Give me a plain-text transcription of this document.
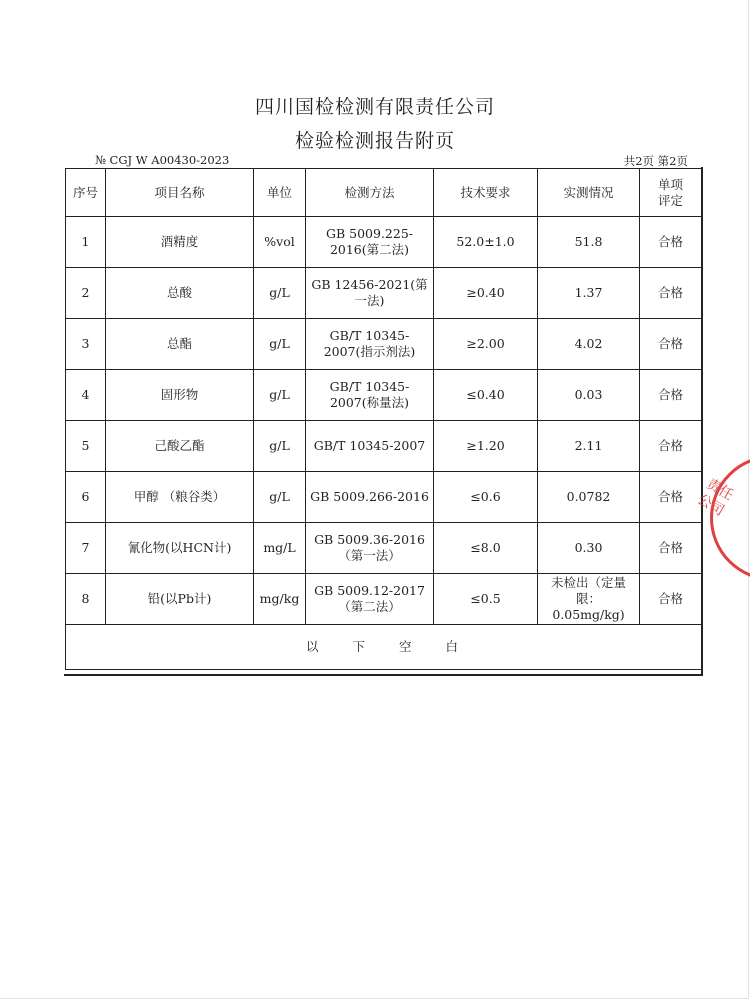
四川国检检测有限责任公司
检验检测报告附页
№ CGJ W A00430-2023	共2页 第2页
序号	项目名称	单位	检测方法	技术要求	实测情况	单项
评定
1	酒精度	%vol	GB 5009.225-2016(第二法)	52.0±1.0	51.8	合格
2	总酸	g/L	GB 12456-2021(第一法)	≥0.40	1.37	合格
3	总酯	g/L	GB/T 10345-2007(指示剂法)	≥2.00	4.02	合格
4	固形物	g/L	GB/T 10345-2007(称量法)	≤0.40	0.03	合格
5	己酸乙酯	g/L	GB/T 10345-2007	≥1.20	2.11	合格
6	甲醇 （粮谷类）	g/L	GB 5009.266-2016	≤0.6	0.0782	合格
7	氰化物(以HCN计)	mg/L	GB 5009.36-2016（第一法）	≤8.0	0.30	合格
8	铅(以Pb计)	mg/kg	GB 5009.12-2017（第二法）	≤0.5	未检出（定量限：0.05mg/kg)	合格
以下空白						
责任公司
